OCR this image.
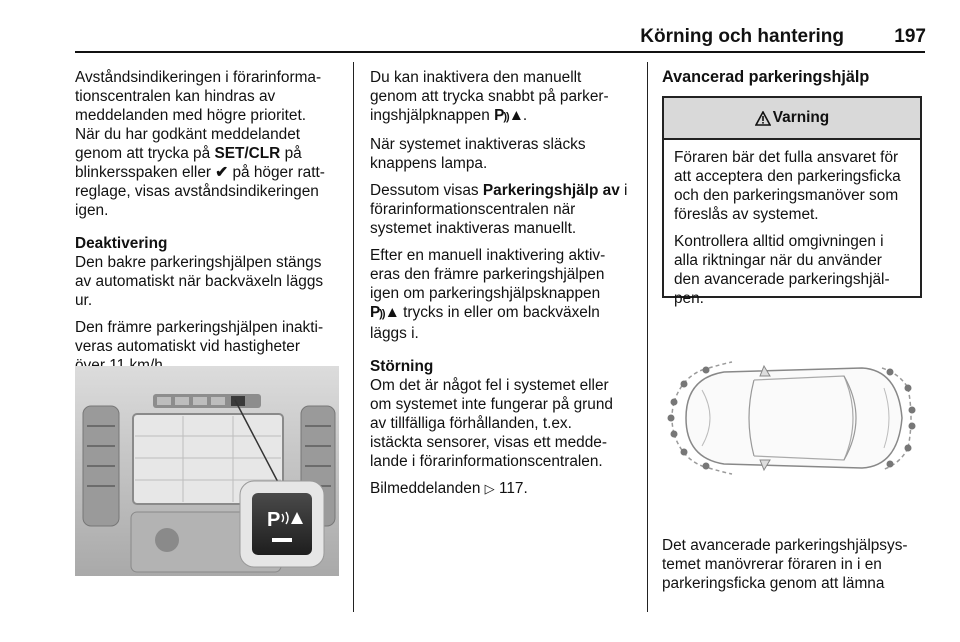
Körning och hantering	197

Avståndsindikeringen i förarinforma-
tionscentralen kan hindras av
meddelanden med högre prioritet.
När du har godkänt meddelandet
genom att trycka på SET/CLR på
blinkersspaken eller ✔ på höger ratt-
reglage, visas avståndsindikeringen
igen.

Deaktivering
Den bakre parkeringshjälpen stängs
av automatiskt när backväxeln läggs
ur.

Den främre parkeringshjälpen inakti-
veras automatiskt vid hastigheter

P

Du kan inaktivera den manuellt
genom att trycka snabbt på parker-
ingshjälpknappen P))▲.

När systemet inaktiveras släcks
knappens lampa.

Dessutom visas Parkeringshjälp av i
förarinformationscentralen när
systemet inaktiveras manuellt.

Efter en manuell inaktivering aktiv-
eras den främre parkeringshjälpen
igen om parkeringshjälpsknappen
P))▲ trycks in eller om backväxeln
läggs i.

Störning
Om det är något fel i systemet eller
om systemet inte fungerar på grund
av tillfälliga förhållanden, t.ex.
istäckta sensorer, visas ett medde-
lande i förarinformationscentralen.

Bilmeddelanden ▷ 117.

Avancerad parkeringshjälp
Varning

Föraren bär det fulla ansvaret för
att acceptera den parkeringsficka
och den parkeringsmanöver som
föreslås av systemet.

Kontrollera alltid omgivningen i
alla riktningar när du använder
den avancerade parkeringshjäl-
pen.

Det avancerade parkeringshjälpsys-
temet manövrerar föraren in i en
parkeringsficka genom att lämna
